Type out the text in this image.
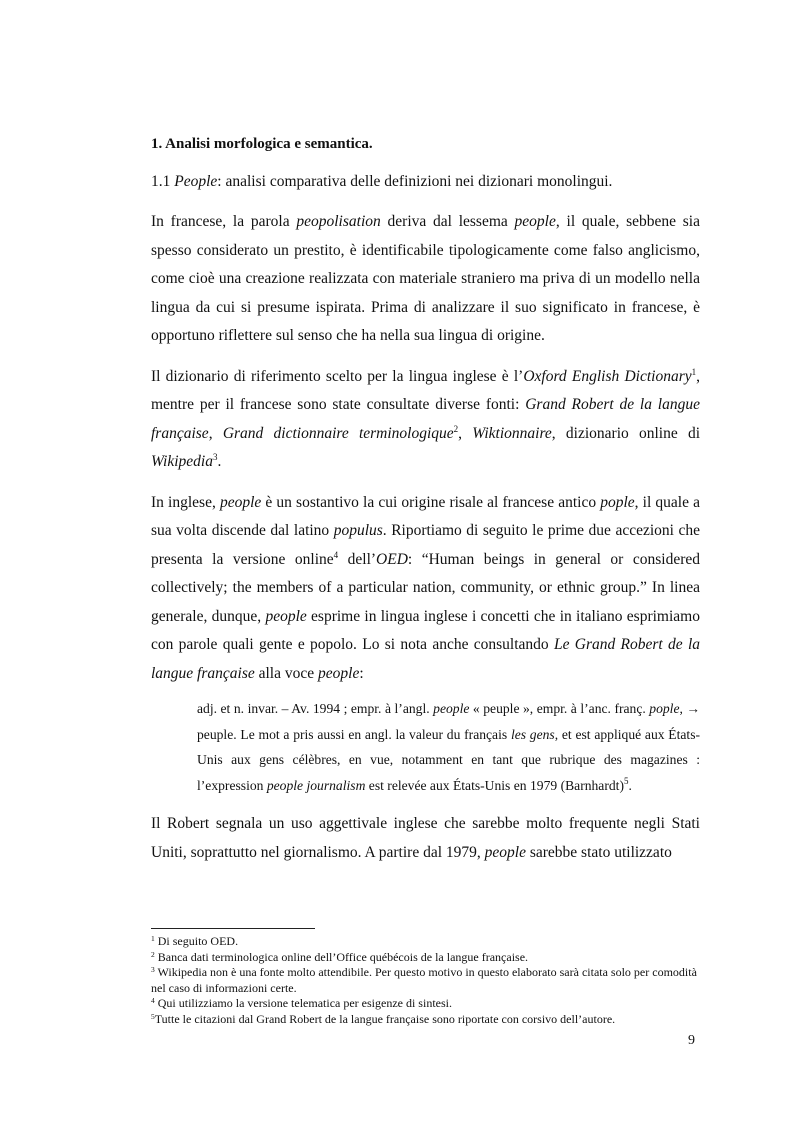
1. Analisi morfologica e semantica.

1.1 People: analisi comparativa delle definizioni nei dizionari monolingui.

In francese, la parola peopolisation deriva dal lessema people, il quale, sebbene sia spesso considerato un prestito, è identificabile tipologicamente come falso anglicismo, come cioè una creazione realizzata con materiale straniero ma priva di un modello nella lingua da cui si presume ispirata. Prima di analizzare il suo significato in francese, è opportuno riflettere sul senso che ha nella sua lingua di origine.

Il dizionario di riferimento scelto per la lingua inglese è l’Oxford English Dictionary$^1$, mentre per il francese sono state consultate diverse fonti: Grand Robert de la langue française, Grand dictionnaire terminologique$^2$, Wiktionnaire, dizionario online di Wikipedia$^3$.

In inglese, people è un sostantivo la cui origine risale al francese antico pople, il quale a sua volta discende dal latino populus. Riportiamo di seguito le prime due accezioni che presenta la versione online$^4$ dell’OED: “Human beings in general or considered collectively; the members of a particular nation, community, or ethnic group.” In linea generale, dunque, people esprime in lingua inglese i concetti che in italiano esprimiamo con parole quali gente e popolo. Lo si nota anche consultando Le Grand Robert de la langue française alla voce people:

adj. et n. invar. – Av. 1994 ; empr. à l’angl. people « peuple », empr. à l’anc. franç. pople, → peuple. Le mot a pris aussi en angl. la valeur du français les gens, et est appliqué aux États-Unis aux gens célèbres, en vue, notamment en tant que rubrique des magazines : l’expression people journalism est relevée aux États-Unis en 1979 (Barnhardt)$^5$.

Il Robert segnala un uso aggettivale inglese che sarebbe molto frequente negli Stati Uniti, soprattutto nel giornalismo. A partire dal 1979, people sarebbe stato utilizzato

$^1$ Di seguito OED.

$^2$ Banca dati terminologica online dell’Office québécois de la langue française.

$^3$ Wikipedia non è una fonte molto attendibile. Per questo motivo in questo elaborato sarà citata solo per comodità nel caso di informazioni certe.

$^4$ Qui utilizziamo la versione telematica per esigenze di sintesi.

$^5$Tutte le citazioni dal Grand Robert de la langue française sono riportate con corsivo dell’autore.

9
